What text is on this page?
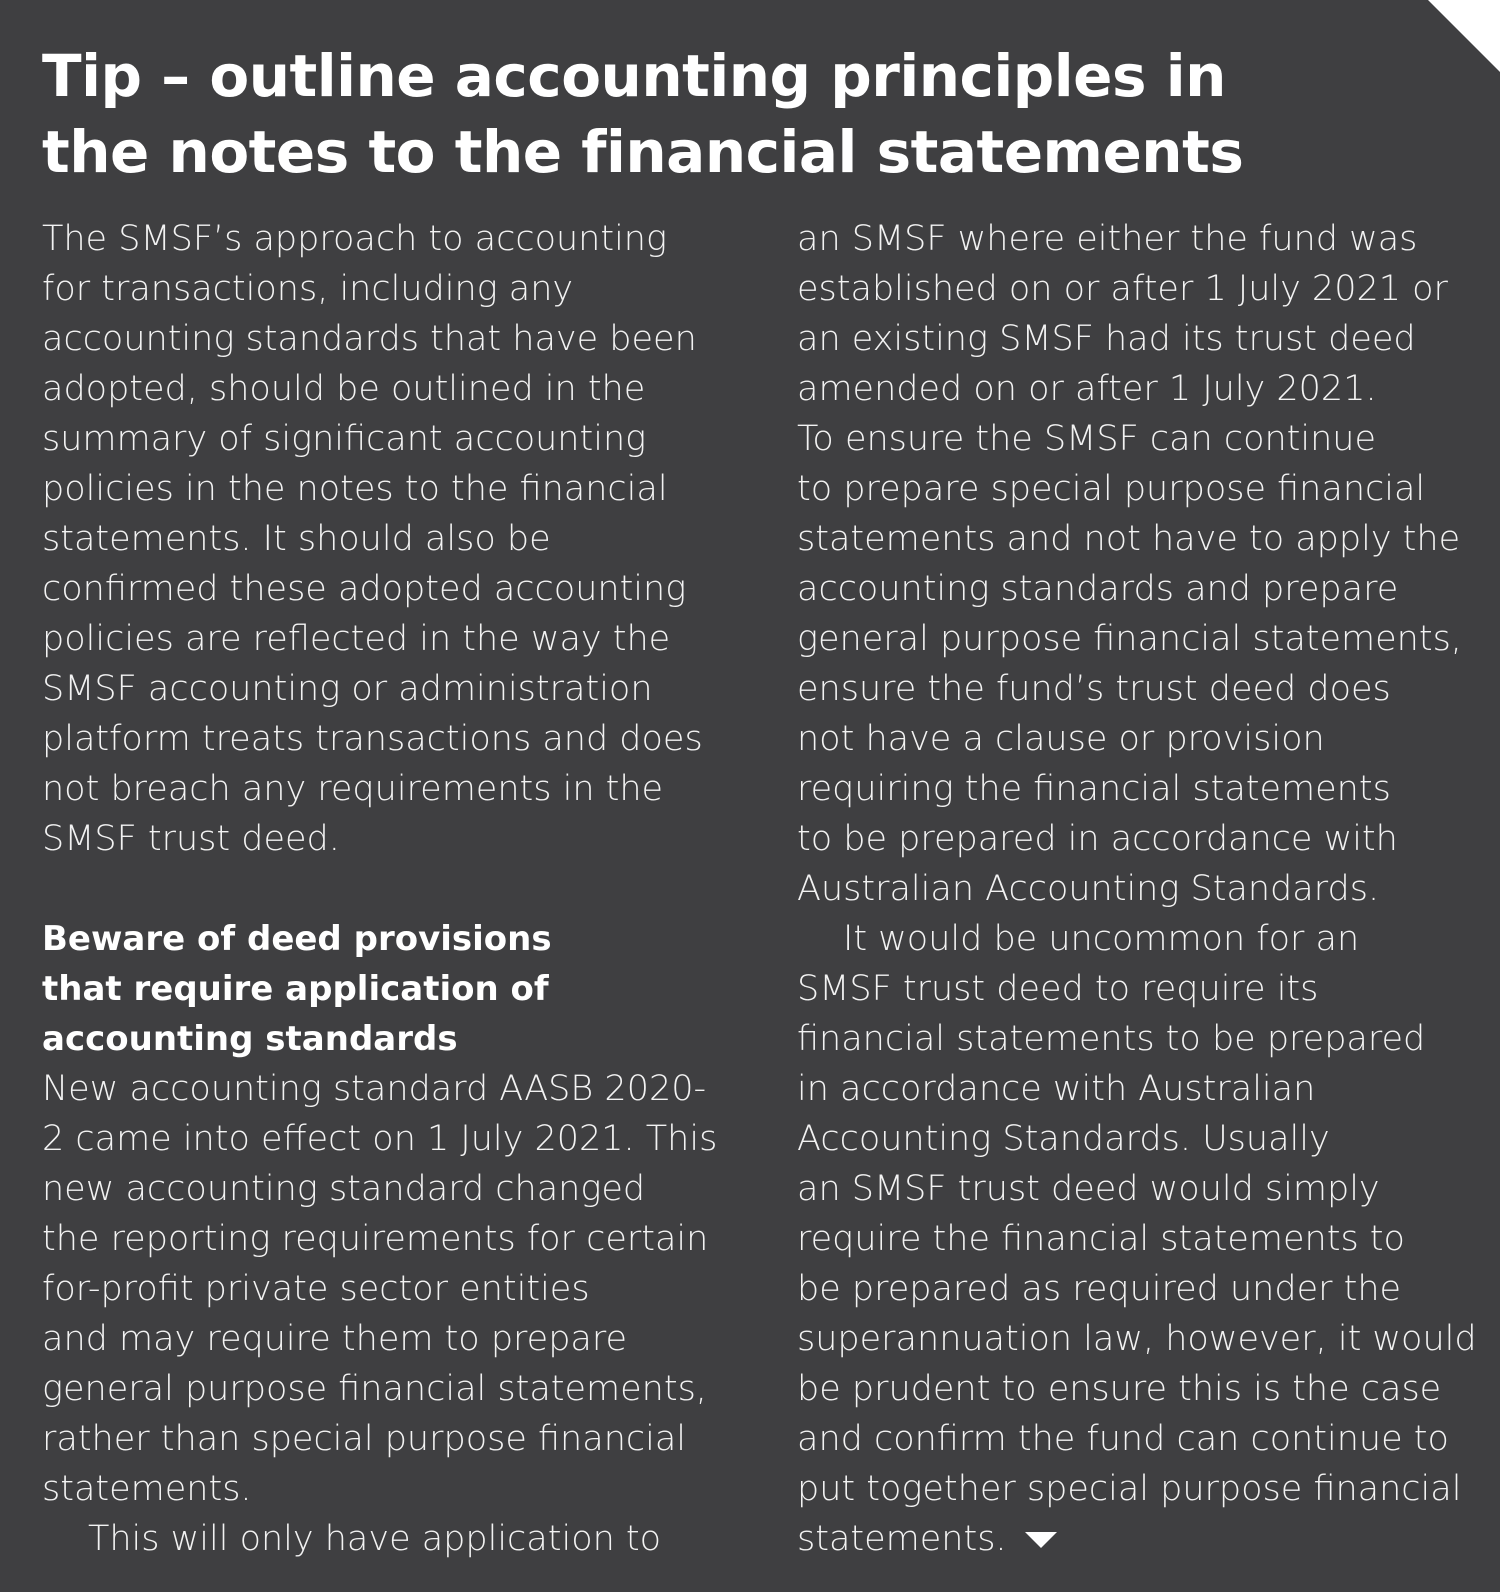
Tip – outline accounting principles in
the notes to the financial statements
The SMSF’s approach to accounting
for transactions, including any
accounting standards that have been
adopted, should be outlined in the
summary of significant accounting
policies in the notes to the financial
statements. It should also be
confirmed these adopted accounting
policies are reflected in the way the
SMSF accounting or administration
platform treats transactions and does
not breach any requirements in the
SMSF trust deed.
Beware of deed provisions
that require application of
accounting standards
New accounting standard AASB 2020-
2 came into effect on 1 July 2021. This
new accounting standard changed
the reporting requirements for certain
for-profit private sector entities
and may require them to prepare
general purpose financial statements,
rather than special purpose financial
statements.
This will only have application to
an SMSF where either the fund was
established on or after 1 July 2021 or
an existing SMSF had its trust deed
amended on or after 1 July 2021.
To ensure the SMSF can continue
to prepare special purpose financial
statements and not have to apply the
accounting standards and prepare
general purpose financial statements,
ensure the fund’s trust deed does
not have a clause or provision
requiring the financial statements
to be prepared in accordance with
Australian Accounting Standards.
It would be uncommon for an
SMSF trust deed to require its
financial statements to be prepared
in accordance with Australian
Accounting Standards. Usually
an SMSF trust deed would simply
require the financial statements to
be prepared as required under the
superannuation law, however, it would
be prudent to ensure this is the case
and confirm the fund can continue to
put together special purpose financial
statements.
